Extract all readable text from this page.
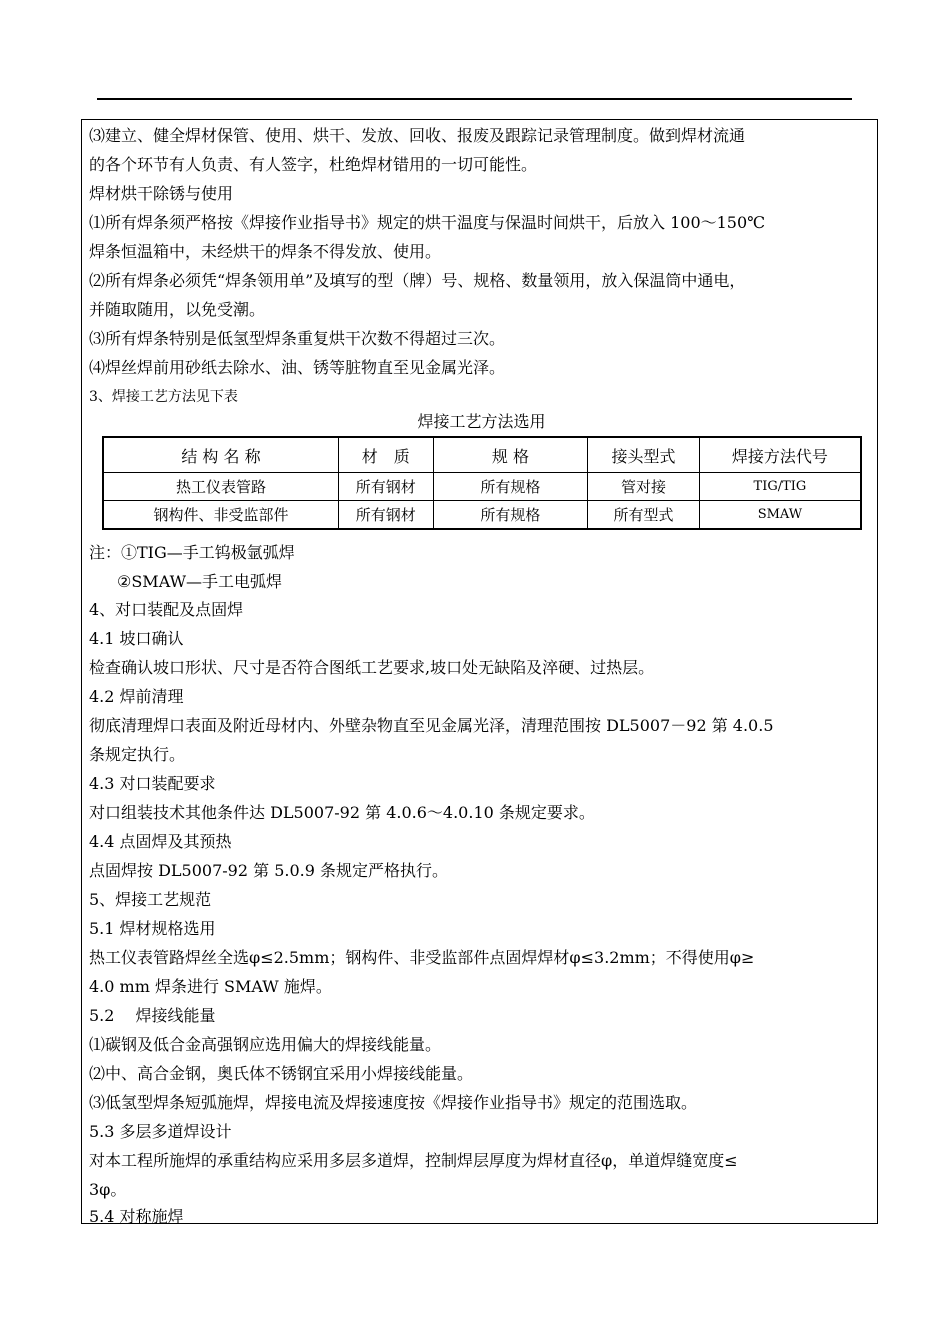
⑶建立、健全焊材保管、使用、烘干、发放、回收、报废及跟踪记录管理制度。做到焊材流通
的各个环节有人负责、有人签字，杜绝焊材错用的一切可能性。
焊材烘干除锈与使用
⑴所有焊条须严格按《焊接作业指导书》规定的烘干温度与保温时间烘干，后放入 100～150℃
焊条恒温箱中，未经烘干的焊条不得发放、使用。
⑵所有焊条必须凭“焊条领用单”及填写的型（牌）号、规格、数量领用，放入保温筒中通电，
并随取随用，以免受潮。
⑶所有焊条特别是低氢型焊条重复烘干次数不得超过三次。
⑷焊丝焊前用砂纸去除水、油、锈等脏物直至见金属光泽。
3、焊接工艺方法见下表
焊接工艺方法选用
结 构 名 称	材　质	规 格	接头型式	焊接方法代号
热工仪表管路	所有钢材	所有规格	管对接	TIG/TIG
钢构件、非受监部件	所有钢材	所有规格	所有型式	SMAW
注：①TIG—手工钨极氩弧焊
②SMAW—手工电弧焊
4、对口装配及点固焊
4.1 坡口确认
检查确认坡口形状、尺寸是否符合图纸工艺要求,坡口处无缺陷及淬硬、过热层。
4.2 焊前清理
彻底清理焊口表面及附近母材内、外壁杂物直至见金属光泽，清理范围按 DL5007－92 第 4.0.5
条规定执行。
4.3 对口装配要求
对口组装技术其他条件达 DL5007-92 第 4.0.6～4.0.10 条规定要求。
4.4 点固焊及其预热
点固焊按 DL5007-92 第 5.0.9 条规定严格执行。
5、焊接工艺规范
5.1 焊材规格选用
热工仪表管路焊丝全选φ≤2.5mm；钢构件、非受监部件点固焊焊材φ≤3.2mm；不得使用φ≥
4.0 mm 焊条进行 SMAW 施焊。
5.2　 焊接线能量
⑴碳钢及低合金高强钢应选用偏大的焊接线能量。
⑵中、高合金钢，奥氏体不锈钢宜采用小焊接线能量。
⑶低氢型焊条短弧施焊，焊接电流及焊接速度按《焊接作业指导书》规定的范围选取。
5.3 多层多道焊设计
对本工程所施焊的承重结构应采用多层多道焊，控制焊层厚度为焊材直径φ，单道焊缝宽度≤
3φ。
5.4 对称施焊
